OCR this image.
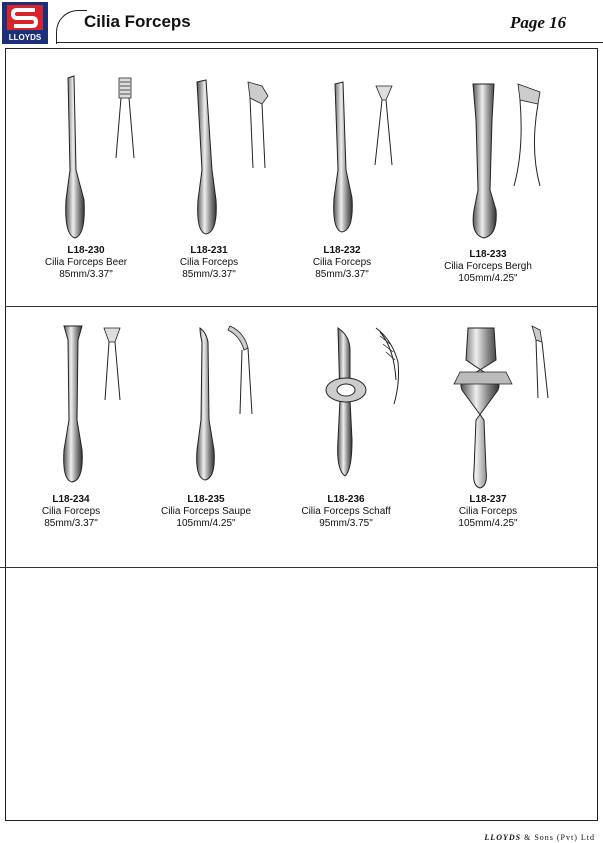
LLOYDS
Cilia Forceps	Page 16
L18-230
Cilia Forceps Beer
85mm/3.37"
L18-231
Cilia Forceps
85mm/3.37"
L18-232
Cilia Forceps
85mm/3.37"
L18-233
Cilia Forceps Bergh
105mm/4.25"
L18-234
Cilia Forceps
85mm/3.37"
L18-235
Cilia Forceps Saupe
105mm/4.25"
L18-236
Cilia Forceps Schaff
95mm/3.75"
L18-237
Cilia Forceps
105mm/4.25"
LLOYDS & Sons (Pvt) Ltd
